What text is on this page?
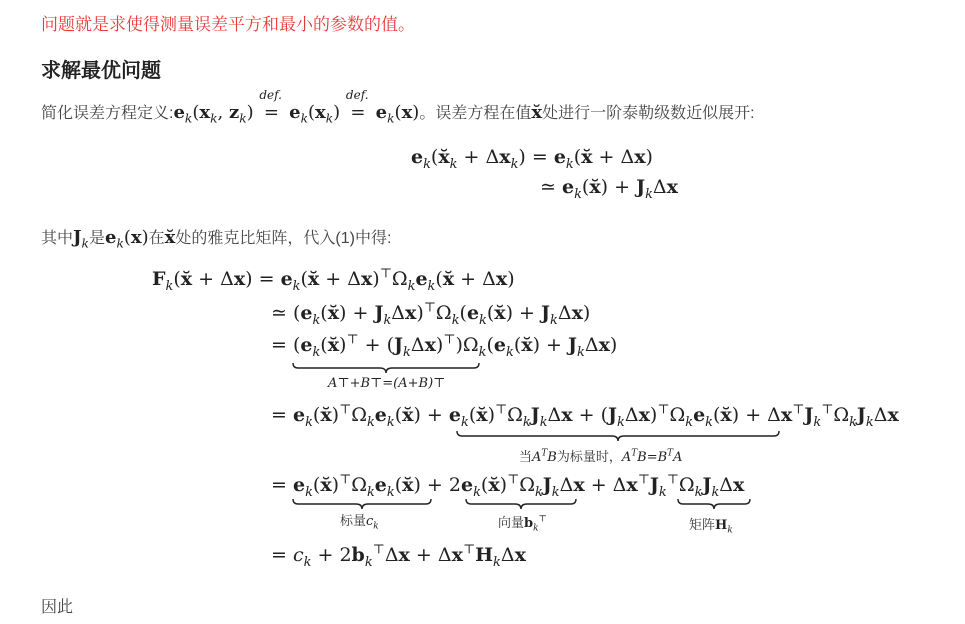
问题就是求使得测量误差平方和最小的参数的值。
求解最优问题
简化误差方程定义$:e_k(x_k$, $z_k$) =
def.
$e_k(x_k)$ =
def.
$e_k(x)$。误差方程在值x̆处进行一阶泰勒级数近似展开:
$e_k(x̆_k + \Delta x_k)$ = $e_k(x̆ + \Delta x)$
≃ $e_k(x̆) + J_k\Delta x$
其中$J_k$是$e_k(x)$在x̆处的雅克比矩阵，代入(1)中得:
$F_k(x̆ + \Delta x)$ = $e_k(x̆$ + $\Delta x)^⊤\Omega_ke_k(x̆ + \Delta x)$
≃ ($e_k(x̆)$ + $J_k\Delta x)^⊤\Omega_k(e_k(x̆) + J_k\Delta x)$
= ($e_k(x̆)^⊤$ + $(J_k\Delta x)^⊤)\Omega_k(e_k(x̆) + J_k\Delta x)$
A⊤+B⊤=(A+B)⊤
= $e_k(x̆)^⊤\Omega_ke_k(x̆)$ + $e_k(x̆)^⊤\Omega_kJ_k\Delta x$ + $(J_k\Delta x)^⊤\Omega_ke_k(x̆) + \Delta x^⊤J_k^⊤\Omega_kJ_k\Delta x$
当$A^TB$为标量时，$A^TB=B^TA$
= $e_k(x̆)^⊤\Omega_ke_k(x̆)$ + $2e_k(x̆)^⊤\Omega_kJ_k\Delta x + \Delta x^⊤J_k^⊤\Omega_kJ_k\Delta x$
标量$c_k$	向量$b_k^⊤$	矩阵$H_k$
= $c_k + 2b_k^⊤\Delta x + \Delta x^⊤H_k\Delta x$
因此
